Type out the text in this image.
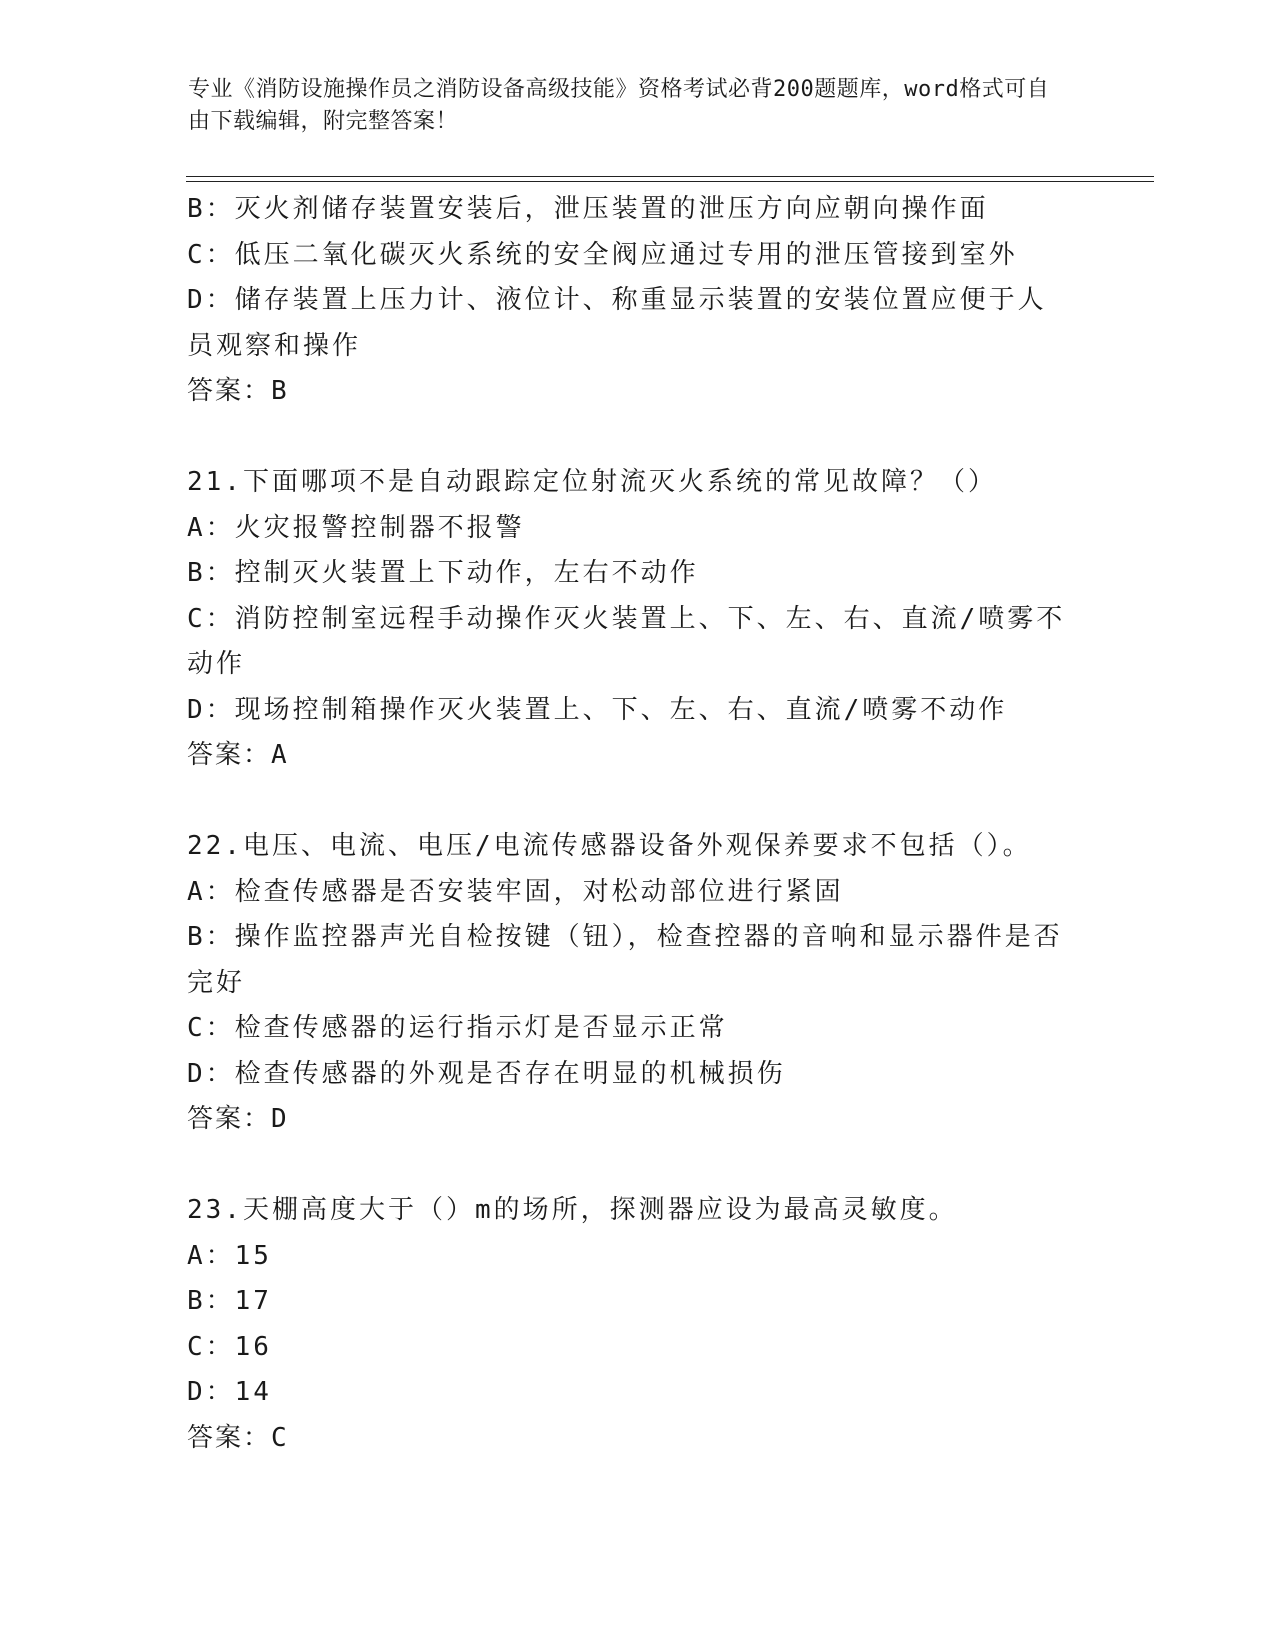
专业《消防设施操作员之消防设备高级技能》资格考试必背200题题库，word格式可自由下载编辑，附完整答案！
B：灭火剂储存装置安装后，泄压装置的泄压方向应朝向操作面
C：低压二氧化碳灭火系统的安全阀应通过专用的泄压管接到室外
D：储存装置上压力计、液位计、称重显示装置的安装位置应便于人员观察和操作
答案：B
21.下面哪项不是自动跟踪定位射流灭火系统的常见故障？（）
A：火灾报警控制器不报警
B：控制灭火装置上下动作，左右不动作
C：消防控制室远程手动操作灭火装置上、下、左、右、直流/喷雾不动作
D：现场控制箱操作灭火装置上、下、左、右、直流/喷雾不动作
答案：A
22.电压、电流、电压/电流传感器设备外观保养要求不包括（）。
A：检查传感器是否安装牢固，对松动部位进行紧固
B：操作监控器声光自检按键（钮），检查控器的音响和显示器件是否完好
C：检查传感器的运行指示灯是否显示正常
D：检查传感器的外观是否存在明显的机械损伤
答案：D
23.天棚高度大于（）m的场所，探测器应设为最高灵敏度。
A：15
B：17
C：16
D：14
答案：C
